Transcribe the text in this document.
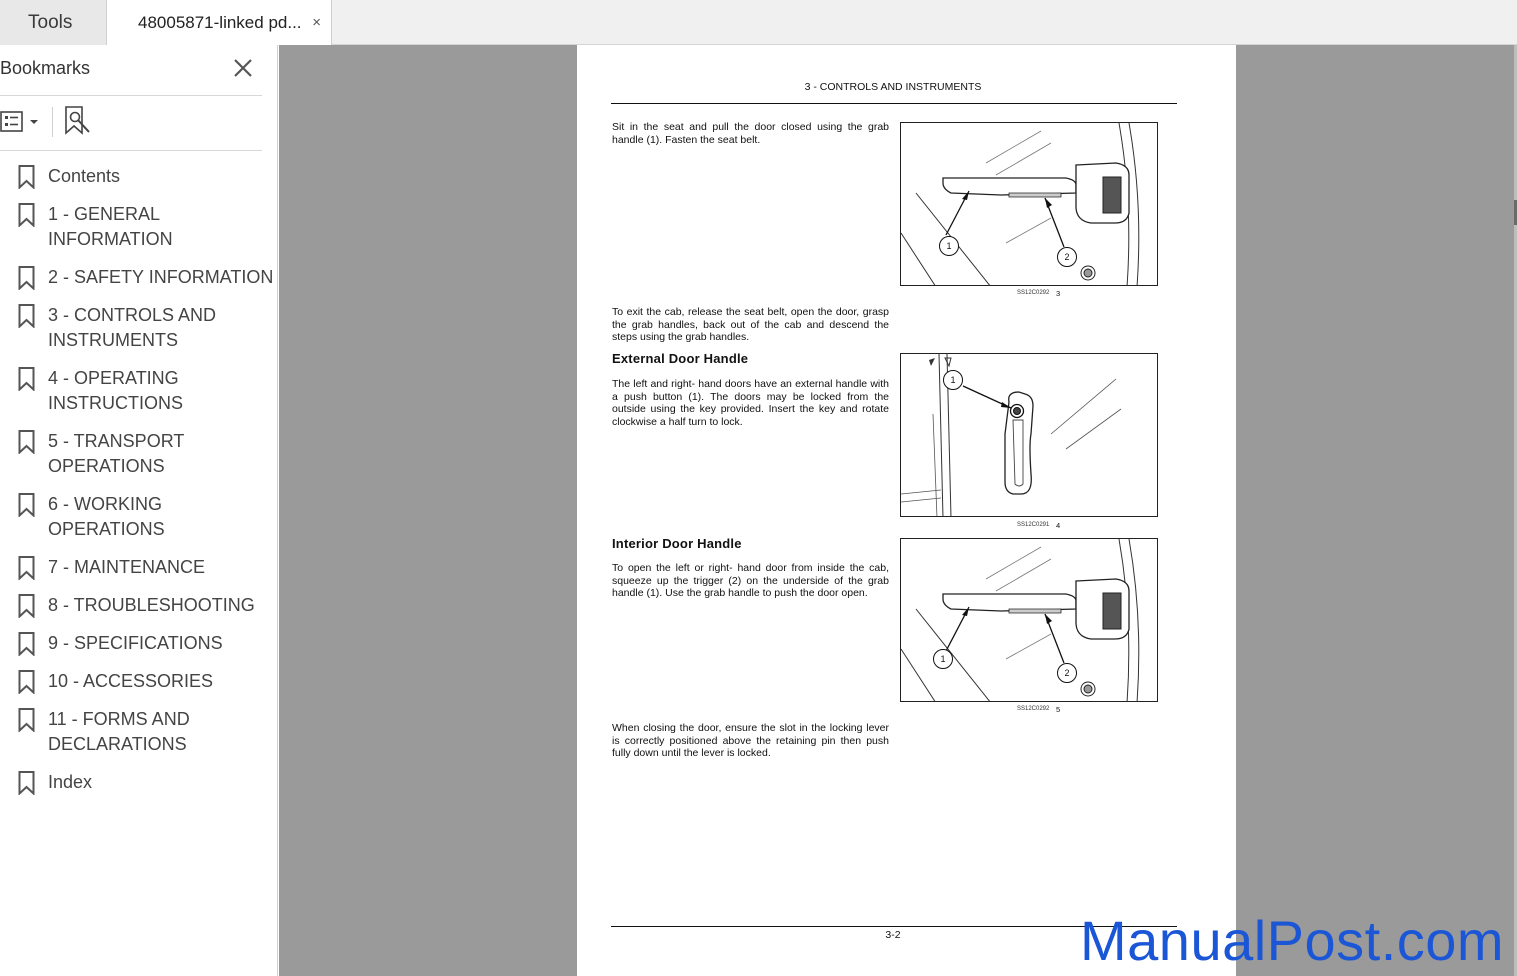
Tools	48005871-linked pd... ×
Bookmarks
Contents
1 - GENERAL INFORMATION
2 - SAFETY INFORMATION
3 - CONTROLS AND INSTRUMENTS
4 - OPERATING INSTRUCTIONS
5 - TRANSPORT OPERATIONS
6 - WORKING OPERATIONS
7 - MAINTENANCE
8 - TROUBLESHOOTING
9 - SPECIFICATIONS
10 - ACCESSORIES
11 - FORMS AND DECLARATIONS
Index
3 - CONTROLS AND INSTRUMENTS
Sit in the seat and pull the door closed using the grab handle (1). Fasten the seat belt.
1
2
SS12C0292 3
To exit the cab, release the seat belt, open the door, grasp the grab handles, back out of the cab and descend the steps using the grab handles.
External Door Handle
The left and right- hand doors have an external handle with a push button (1). The doors may be locked from the outside using the key provided. Insert the key and rotate clockwise a half turn to lock.
1
SS12C0291 4
Interior Door Handle
To open the left or right- hand door from inside the cab, squeeze up the trigger (2) on the underside of the grab handle (1). Use the grab handle to push the door open.
1
2
SS12C0292 5
When closing the door, ensure the slot in the locking lever is correctly positioned above the retaining pin then push fully down until the lever is locked.
3-2	ManualPost.com
